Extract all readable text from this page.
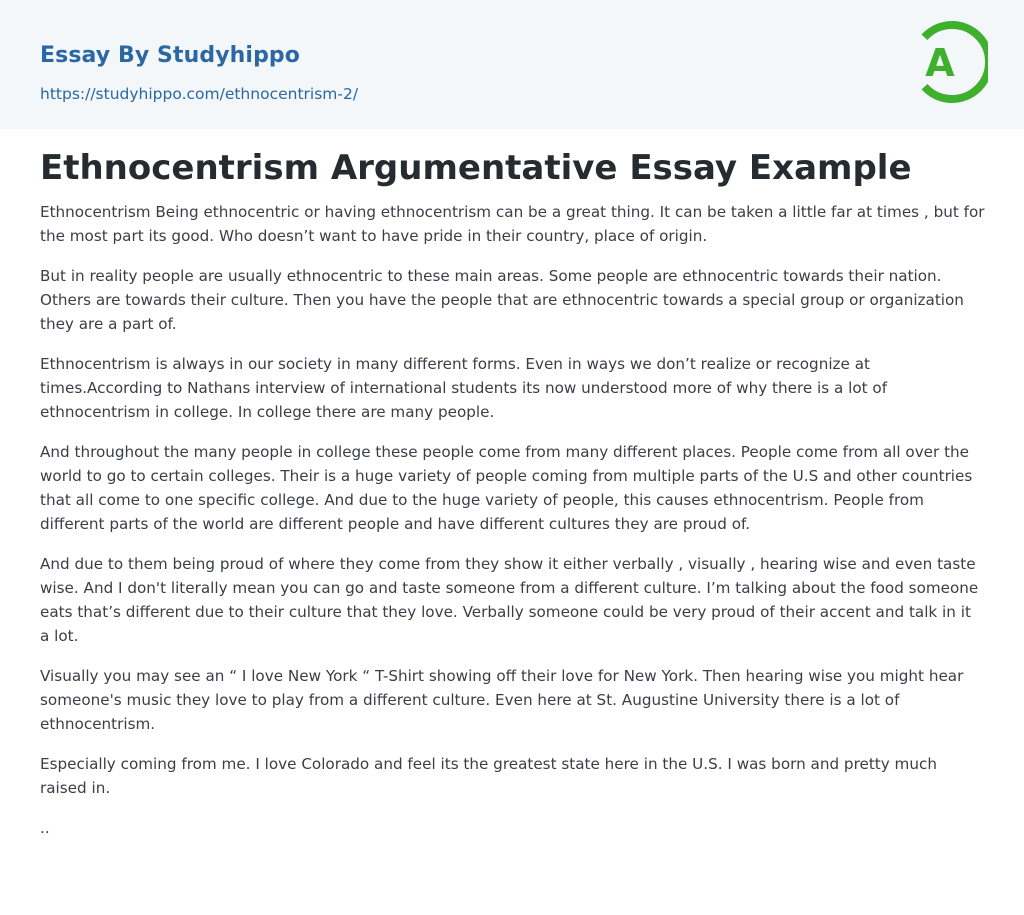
Essay By Studyhippo
https://studyhippo.com/ethnocentrism-2/
A
Ethnocentrism Argumentative Essay Example

Ethnocentrism Being ethnocentric or having ethnocentrism can be a great thing. It can be taken a little far at times , but for the most part its good. Who doesn’t want to have pride in their country, place of origin.

But in reality people are usually ethnocentric to these main areas. Some people are ethnocentric towards their nation. Others are towards their culture. Then you have the people that are ethnocentric towards a special group or organization they are a part of.

Ethnocentrism is always in our society in many different forms. Even in ways we don’t realize or recognize at times.According to Nathans interview of international students its now understood more of why there is a lot of ethnocentrism in college. In college there are many people.

And throughout the many people in college these people come from many different places. People come from all over the world to go to certain colleges. Their is a huge variety of people coming from multiple parts of the U.S and other countries that all come to one specific college. And due to the huge variety of people, this causes ethnocentrism. People from different parts of the world are different people and have different cultures they are proud of.

And due to them being proud of where they come from they show it either verbally , visually , hearing wise and even taste wise. And I don't literally mean you can go and taste someone from a different culture. I’m talking about the food someone eats that’s different due to their culture that they love. Verbally someone could be very proud of their accent and talk in it a lot.

Visually you may see an “ I love New York “ T-Shirt showing off their love for New York. Then hearing wise you might hear someone's music they love to play from a different culture. Even here at St. Augustine University there is a lot of ethnocentrism.

Especially coming from me. I love Colorado and feel its the greatest state here in the U.S. I was born and pretty much raised in.

..
